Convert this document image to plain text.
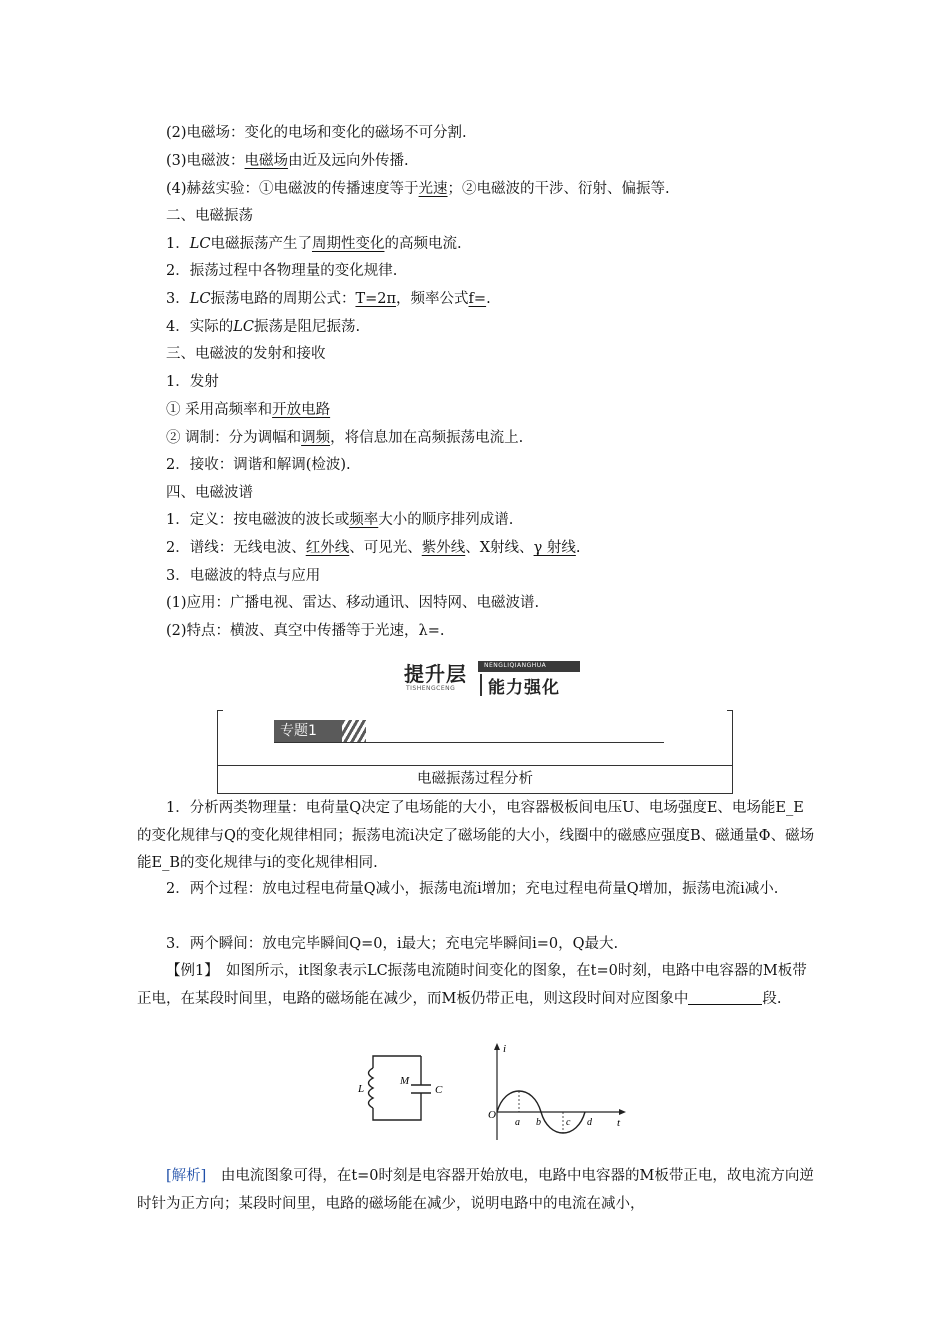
(2)电磁场：变化的电场和变化的磁场不可分割.
(3)电磁波：电磁场由近及远向外传播.
(4)赫兹实验：①电磁波的传播速度等于光速；②电磁波的干涉、衍射、偏振等.
二、电磁振荡
1．LC电磁振荡产生了周期性变化的高频电流.
2．振荡过程中各物理量的变化规律.
3．LC振荡电路的周期公式：T=2π，频率公式f=.
4．实际的LC振荡是阻尼振荡.
三、电磁波的发射和接收
1．发射
① 采用高频率和开放电路
② 调制：分为调幅和调频，将信息加在高频振荡电流上.
2．接收：调谐和解调(检波).
四、电磁波谱
1．定义：按电磁波的波长或频率大小的顺序排列成谱.
2．谱线：无线电波、红外线、可见光、紫外线、X射线、γ 射线.
3．电磁波的特点与应用
(1)应用：广播电视、雷达、移动通讯、因特网、电磁波谱.
(2)特点：横波、真空中传播等于光速，λ=.
提升层
TISHENGCENG
NENGLIQIANGHUA
能力强化
专题1
电磁振荡过程分析
1．分析两类物理量：电荷量Q决定了电场能的大小，电容器极板间电压U、电场强度E、电场能E_E的变化规律与Q的变化规律相同；振荡电流i决定了磁场能的大小，线圈中的磁感应强度B、磁通量Φ、磁场能E_B的变化规律与i的变化规律相同.
2．两个过程：放电过程电荷量Q减小，振荡电流i增加；充电过程电荷量Q增加，振荡电流i减小.
3．两个瞬间：放电完毕瞬间Q=0，i最大；充电完毕瞬间i=0，Q最大.
【例1】　如图所示，it图象表示LC振荡电流随时间变化的图象，在t=0时刻，电路中电容器的M板带正电，在某段时间里，电路的磁场能在减少，而M板仍带正电，则这段时间对应图象中	段.
L
M
C
O
i
t
a b	c d
[解析]　由电流图象可得，在t=0时刻是电容器开始放电，电路中电容器的M板带正电，故电流方向逆时针为正方向；某段时间里，电路的磁场能在减少，说明电路中的电流在减小，
